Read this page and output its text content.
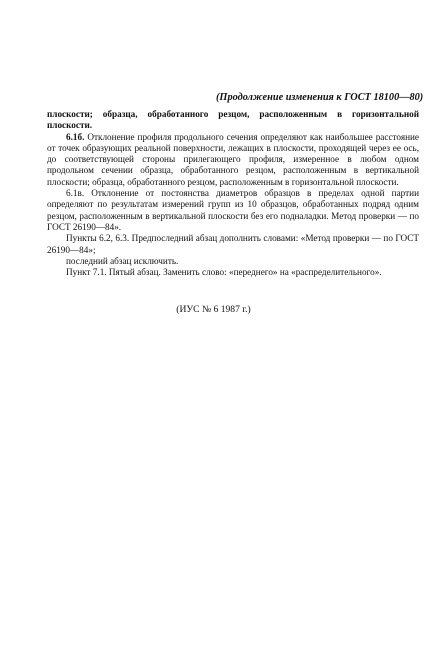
(Продолжение изменения к ГОСТ 18100—80)

плоскости; образца, обработанного резцом, расположенным в горизонтальной плоскости.

6.1б. Отклонение профиля продольного сечения определяют как наибольшее расстояние от точек образующих реальной поверхности, лежащих в плоскости, проходящей через ее ось, до соответствующей стороны прилегающего профиля, измеренное в любом одном продольном сечении образца, обработанного резцом, расположенным в вертикальной плоскости; образца, обработанного резцом, расположенным в горизонтальной плоскости.

6.1в. Отклонение от постоянства диаметров образцов в пределах одной партии определяют по результатам измерений групп из 10 образцов, обработанных подряд одним резцом, расположенным в вертикальной плоскости без его подналадки. Метод проверки — по ГОСТ 26190—84».

Пункты 6.2, 6.3. Предпоследний абзац дополнить словами: «Метод проверки — по ГОСТ 26190—84»;

последний абзац исключить.

Пункт 7.1. Пятый абзац. Заменить слово: «переднего» на «распределительного».

(ИУС № 6 1987 г.)
